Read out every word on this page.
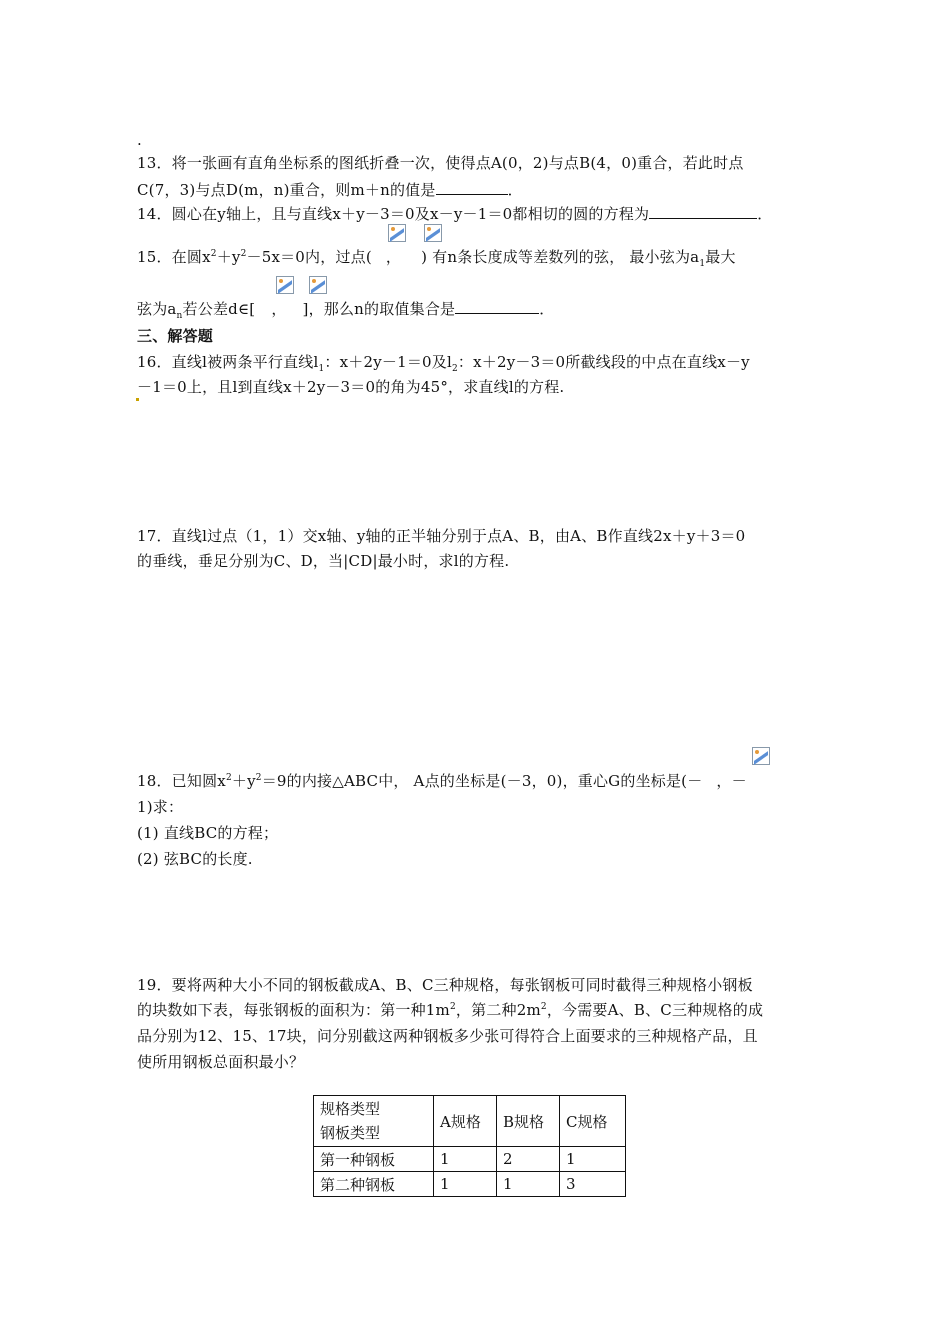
.
13．将一张画有直角坐标系的图纸折叠一次，使得点A(0，2)与点B(4，0)重合，若此时点
C(7，3)与点D(m，n)重合，则m＋n的值是	．
14．圆心在y轴上，且与直线x＋y－3＝0及x－y－1＝0都相切的圆的方程为	．
15．在圆$x^2+y^2-5x=0$内，过点( ， ) 有n条长度成等差数列的弦， 最小弦为$a_1$最大
弦为$a_n$若公差d∈[ ， ]，那么n的取值集合是	．
三、解答题
16．直线l被两条平行直线$l_1$：x＋2y－1＝0及$l_2$：x＋2y－3＝0所截线段的中点在直线x－y
－1＝0上，且l到直线x＋2y－3＝0的角为45°，求直线l的方程.
17．直线l过点（1，1）交x轴、y轴的正半轴分别于点A、B，由A、B作直线2x＋y＋3＝0
的垂线，垂足分别为C、D，当|CD|最小时，求l的方程.
18．已知圆$x^2+y^2=9$的内接△ABC中， A点的坐标是(－3，0)，重心G的坐标是(－ ，－
1)求：
(1) 直线BC的方程；
(2) 弦BC的长度.
19．要将两种大小不同的钢板截成A、B、C三种规格，每张钢板可同时截得三种规格小钢板
的块数如下表，每张钢板的面积为：第一种$1m^2$，第二种$2m^2$，今需要A、B、C三种规格的成
品分别为12、15、17块，问分别截这两种钢板多少张可得符合上面要求的三种规格产品，且
使所用钢板总面积最小？
规格类型
钢板类型	A规格	B规格	C规格
第一种钢板	1	2	1
第二种钢板	1	1	3
